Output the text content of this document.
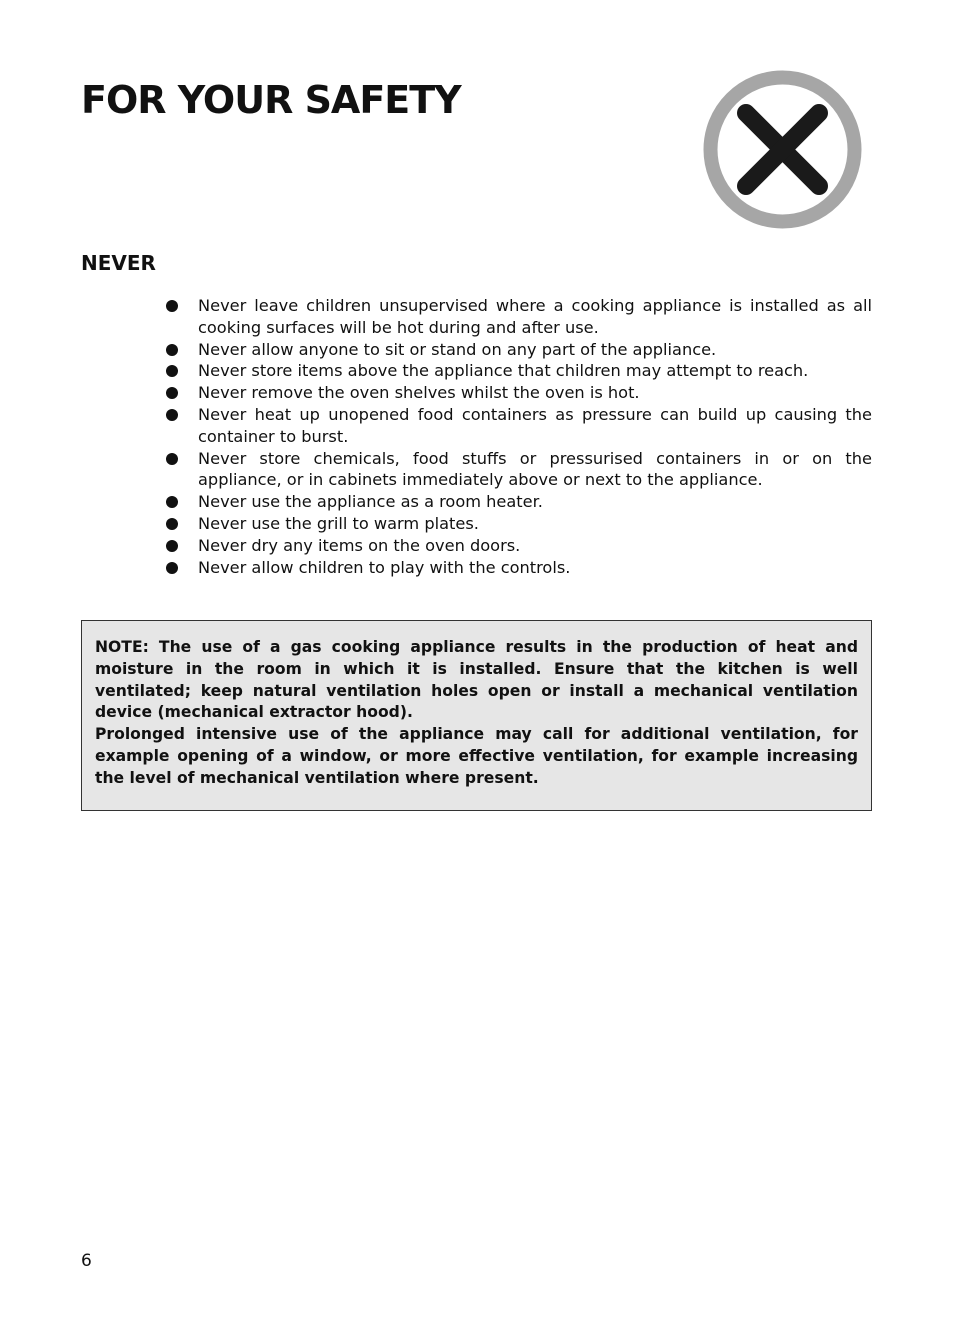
FOR YOUR SAFETY
NEVER
Never leave children unsupervised where a cooking appliance is installed as all cooking surfaces will be hot during and after use.
Never allow anyone to sit or stand on any part of the appliance.
Never store items above the appliance that children may attempt to reach.
Never remove the oven shelves whilst the oven is hot.
Never heat up unopened food containers as pressure can build up causing the container to burst.
Never store chemicals, food stuffs or pressurised containers in or on the appliance, or in cabinets immediately above or next to the appliance.
Never use the appliance as a room heater.
Never use the grill to warm plates.
Never dry any items on the oven doors.
Never allow children to play with the controls.

NOTE: The use of a gas cooking appliance results in the production of heat and moisture in the room in which it is installed. Ensure that the kitchen is well ventilated; keep natural ventilation holes open or install a mechanical ventilation device (mechanical extractor hood).

Prolonged intensive use of the appliance may call for additional ventilation, for example opening of a window, or more effective ventilation, for example increasing the level of mechanical ventilation where present.

6
